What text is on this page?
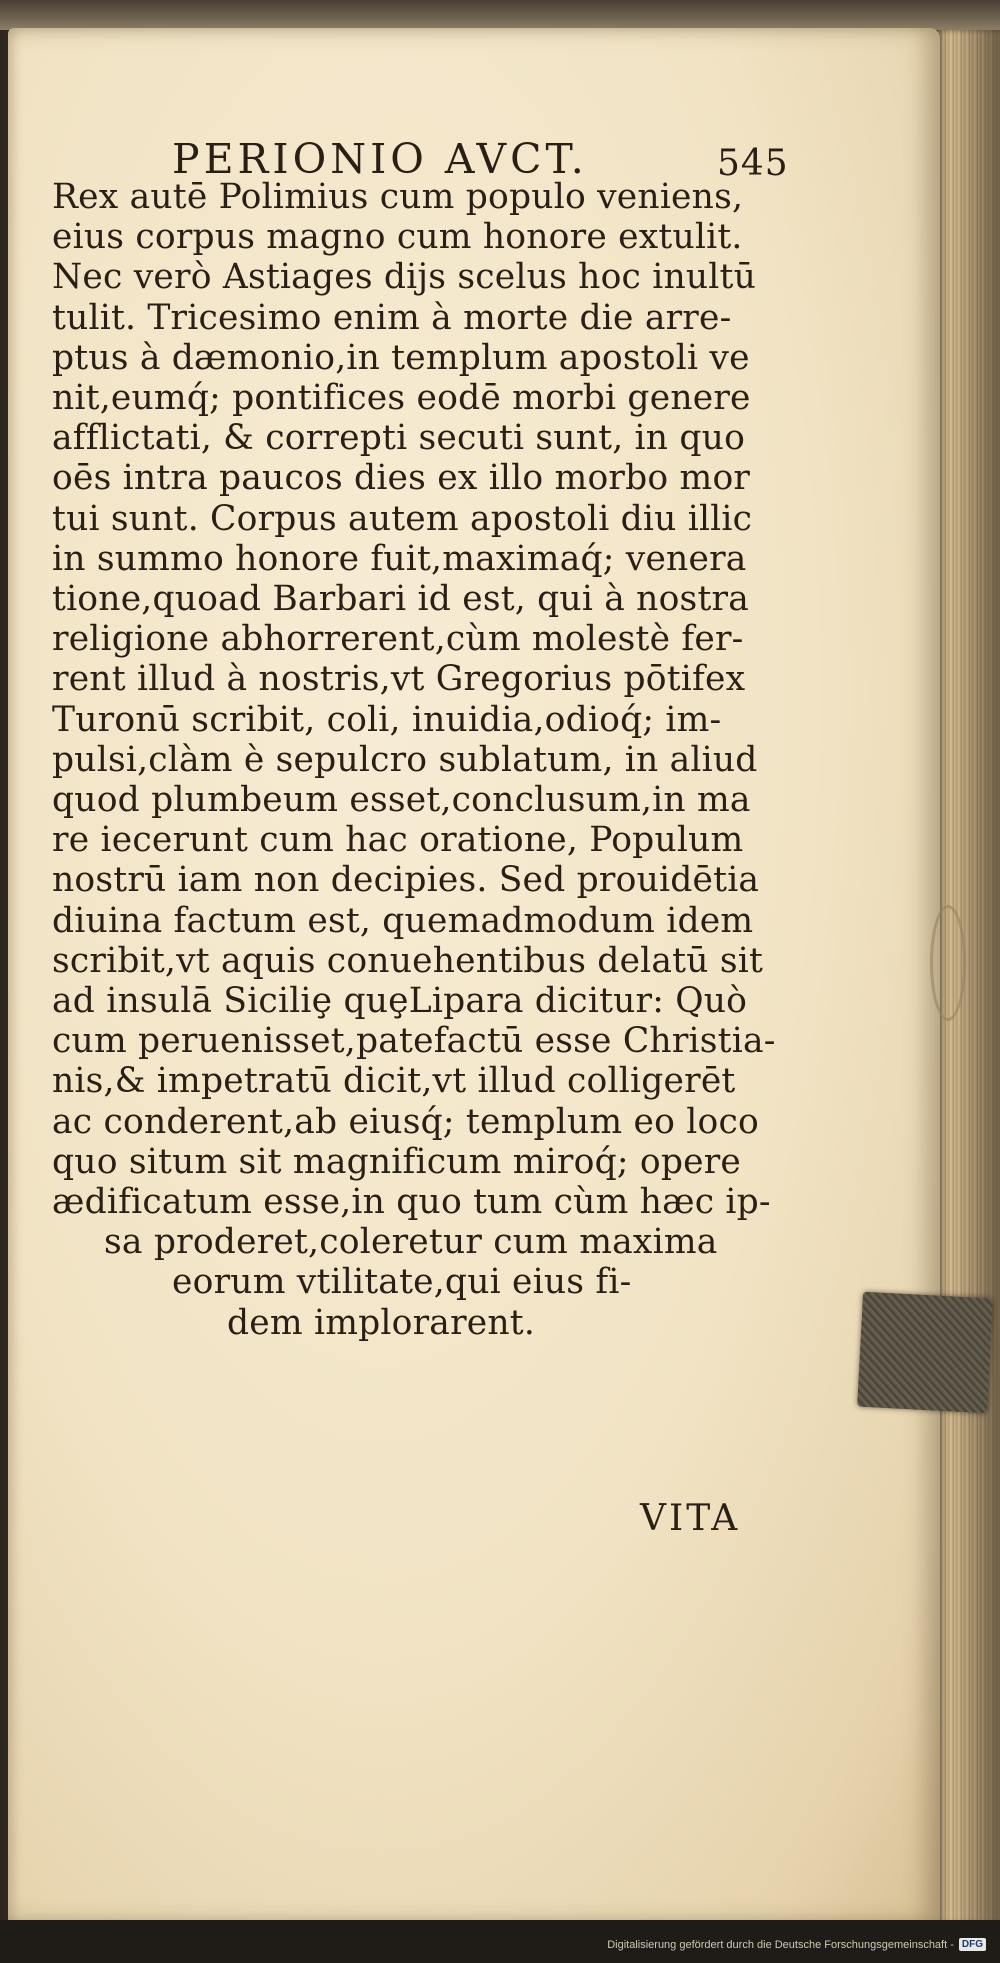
PERIONIO AVCT.	545
Rex autē Polimius cum populo veniens,
eius corpus magno cum honore extulit.
Nec verò Astiages dijs scelus hoc inultū
tulit. Tricesimo enim à morte die arre-
ptus à dæmonio,in templum apostoli ve
nit,eumq́; pontifices eodē morbi genere
afflictati, & correpti secuti sunt, in quo
oēs intra paucos dies ex illo morbo mor
tui sunt. Corpus autem apostoli diu illic
in summo honore fuit,maximaq́; venera
tione,quoad Barbari id est, qui à nostra
religione abhorrerent,cùm molestè fer-
rent illud à nostris,vt Gregorius pōtifex
Turonū scribit, coli, inuidia,odioq́; im-
pulsi,clàm è sepulcro sublatum, in aliud
quod plumbeum esset,conclusum,in ma
re iecerunt cum hac oratione, Populum
nostrū iam non decipies. Sed prouidētia
diuina factum est, quemadmodum idem
scribit,vt aquis conuehentibus delatū sit
ad insulā Siciliȩ quȩLipara dicitur: Quò
cum peruenisset,patefactū esse Christia-
nis,& impetratū dicit,vt illud colligerēt
ac conderent,ab eiusq́; templum eo loco
quo situm sit magnificum miroq́; opere
ædificatum esse,in quo tum cùm hæc ip-
sa proderet,coleretur cum maxima
eorum vtilitate,qui eius fi-
dem implorarent.
VITA
Digitalisierung gefördert durch die Deutsche Forschungsgemeinschaft - DFG
